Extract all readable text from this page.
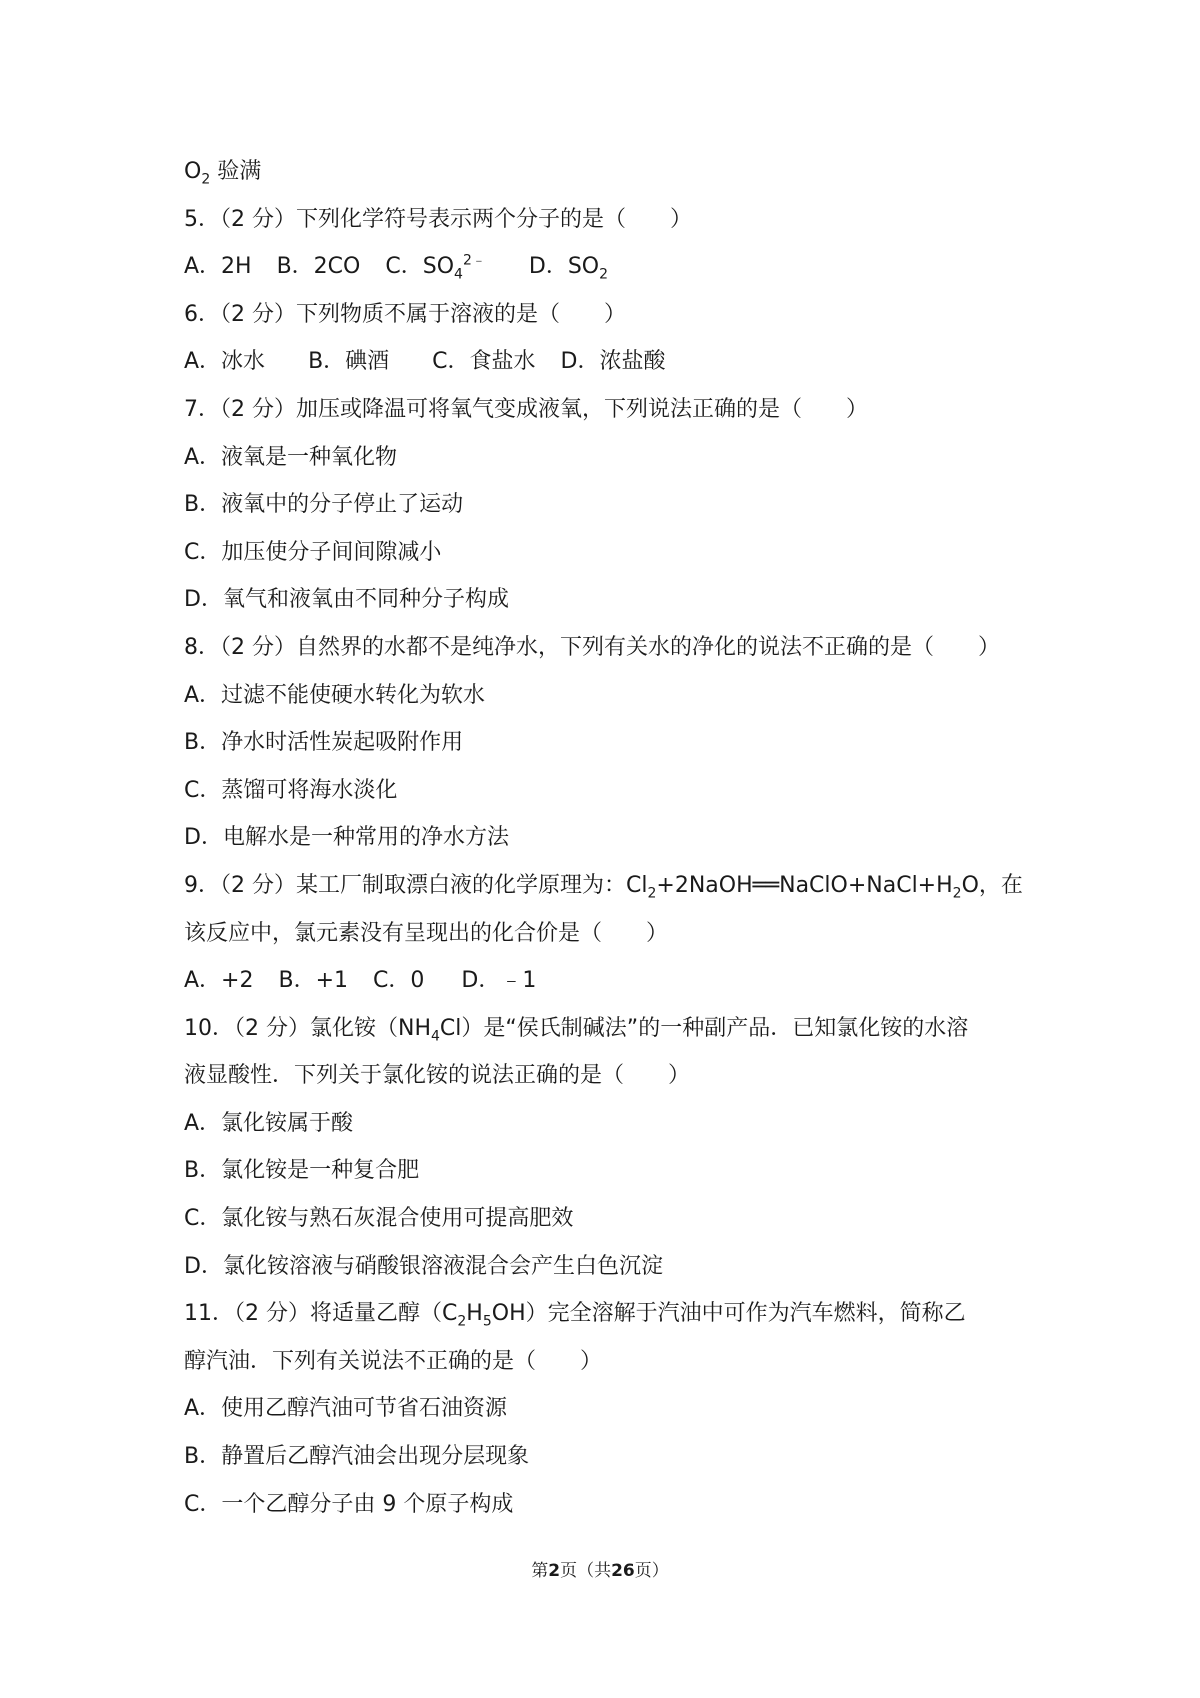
$O_2$ 验满
5．（2 分）下列化学符号表示两个分子的是（　　）
A．2H B．2CO C．$SO_4^{2﹣}$ D．$SO_2$
6．（2 分）下列物质不属于溶液的是（　　）
A．冰水 B．碘酒 C．食盐水 D．浓盐酸
7．（2 分）加压或降温可将氧气变成液氧，下列说法正确的是（　　）
A．液氧是一种氧化物
B．液氧中的分子停止了运动
C．加压使分子间间隙减小
D．氧气和液氧由不同种分子构成
8．（2 分）自然界的水都不是纯净水，下列有关水的净化的说法不正确的是（　　）
A．过滤不能使硬水转化为软水
B．净水时活性炭起吸附作用
C．蒸馏可将海水淡化
D．电解水是一种常用的净水方法
9．（2 分）某工厂制取漂白液的化学原理为：$Cl_2+2NaOH══NaClO+NaCl+H_2O$，在
该反应中，氯元素没有呈现出的化合价是（　　）
A．+2 B．+1 C．0 D．﹣1
10．（2 分）氯化铵$(NH_4Cl)$是“侯氏制碱法”的一种副产品．已知氯化铵的水溶
液显酸性．下列关于氯化铵的说法正确的是（　　）
A．氯化铵属于酸
B．氯化铵是一种复合肥
C．氯化铵与熟石灰混合使用可提高肥效
D．氯化铵溶液与硝酸银溶液混合会产生白色沉淀
11．（2 分）将适量乙醇$(C_2H_5OH)$完全溶解于汽油中可作为汽车燃料，简称乙
醇汽油．下列有关说法不正确的是（　　）
A．使用乙醇汽油可节省石油资源
B．静置后乙醇汽油会出现分层现象
C．一个乙醇分子由 9 个原子构成
第2页（共26页）
